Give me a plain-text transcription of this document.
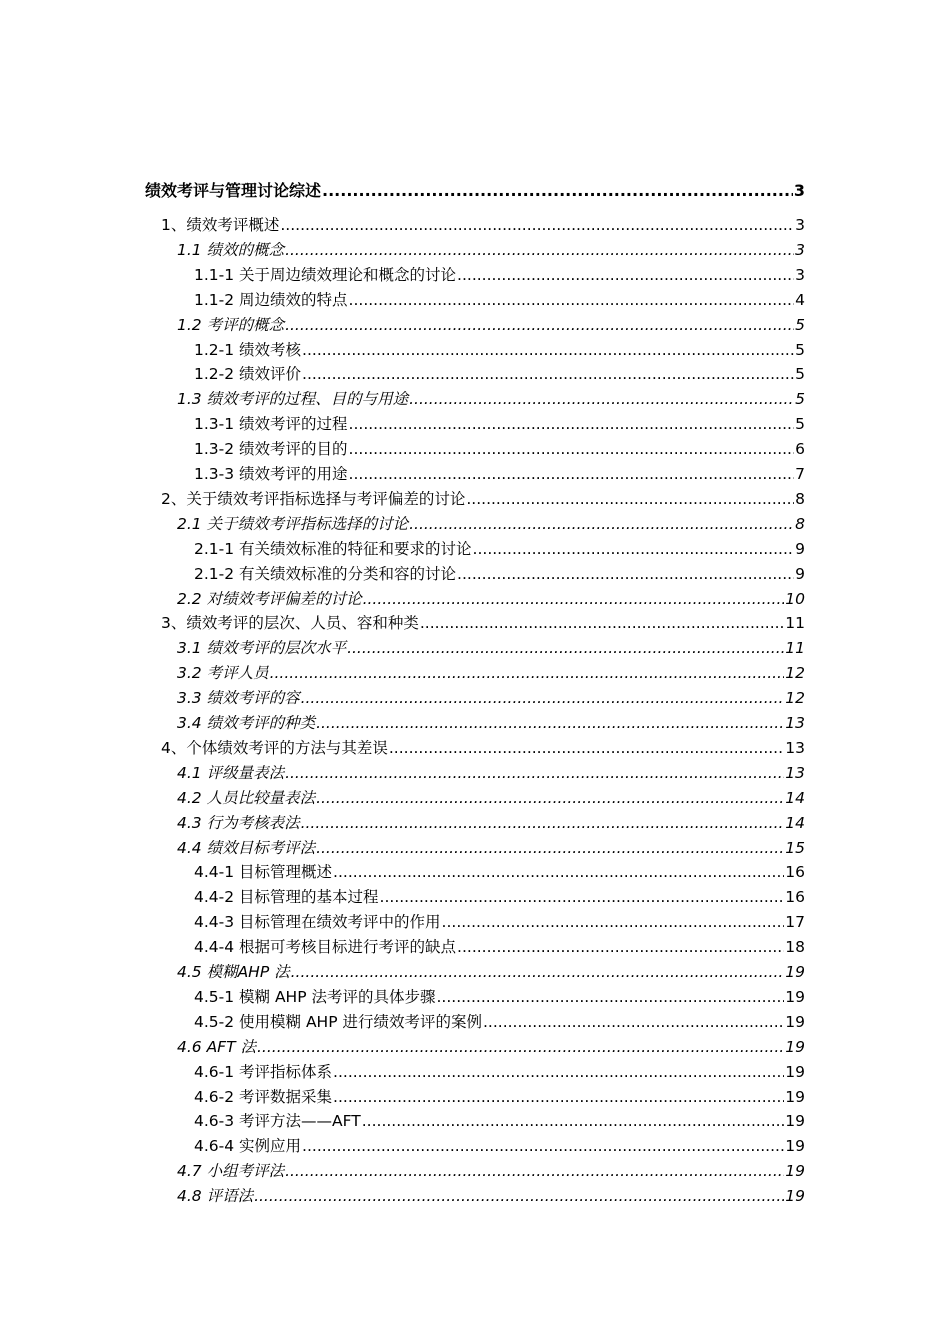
绩效考评与管理讨论综述 .....	3
1、绩效考评概述 .....	3
1.1 绩效的概念 .....	3
1.1-1 关于周边绩效理论和概念的讨论 .....	3
1.1-2 周边绩效的特点 .....	4
1.2 考评的概念 .....	5
1.2-1 绩效考核 .....	5
1.2-2 绩效评价 .....	5
1.3 绩效考评的过程、目的与用途 .....	5
1.3-1 绩效考评的过程 .....	5
1.3-2 绩效考评的目的 .....	6
1.3-3 绩效考评的用途 .....	7
2、关于绩效考评指标选择与考评偏差的讨论 .....	8
2.1 关于绩效考评指标选择的讨论 .....	8
2.1-1 有关绩效标准的特征和要求的讨论 .....	9
2.1-2 有关绩效标准的分类和容的讨论 .....	9
2.2 对绩效考评偏差的讨论 .....	10
3、绩效考评的层次、人员、容和种类 .....	11
3.1 绩效考评的层次水平 .....	11
3.2 考评人员 .....	12
3.3 绩效考评的容 .....	12
3.4 绩效考评的种类 .....	13
4、个体绩效考评的方法与其差误 .....	13
4.1 评级量表法 .....	13
4.2 人员比较量表法 .....	14
4.3 行为考核表法 .....	14
4.4 绩效目标考评法 .....	15
4.4-1 目标管理概述 .....	16
4.4-2 目标管理的基本过程 .....	16
4.4-3 目标管理在绩效考评中的作用 .....	17
4.4-4 根据可考核目标进行考评的缺点 .....	18
4.5 模糊AHP 法 .....	19
4.5-1 模糊 AHP 法考评的具体步骤 .....	19
4.5-2 使用模糊 AHP 进行绩效考评的案例 .....	19
4.6 AFT 法 .....	19
4.6-1 考评指标体系 .....	19
4.6-2 考评数据采集 .....	19
4.6-3 考评方法——AFT .....	19
4.6-4 实例应用 .....	19
4.7 小组考评法 .....	19
4.8 评语法 .....	19
